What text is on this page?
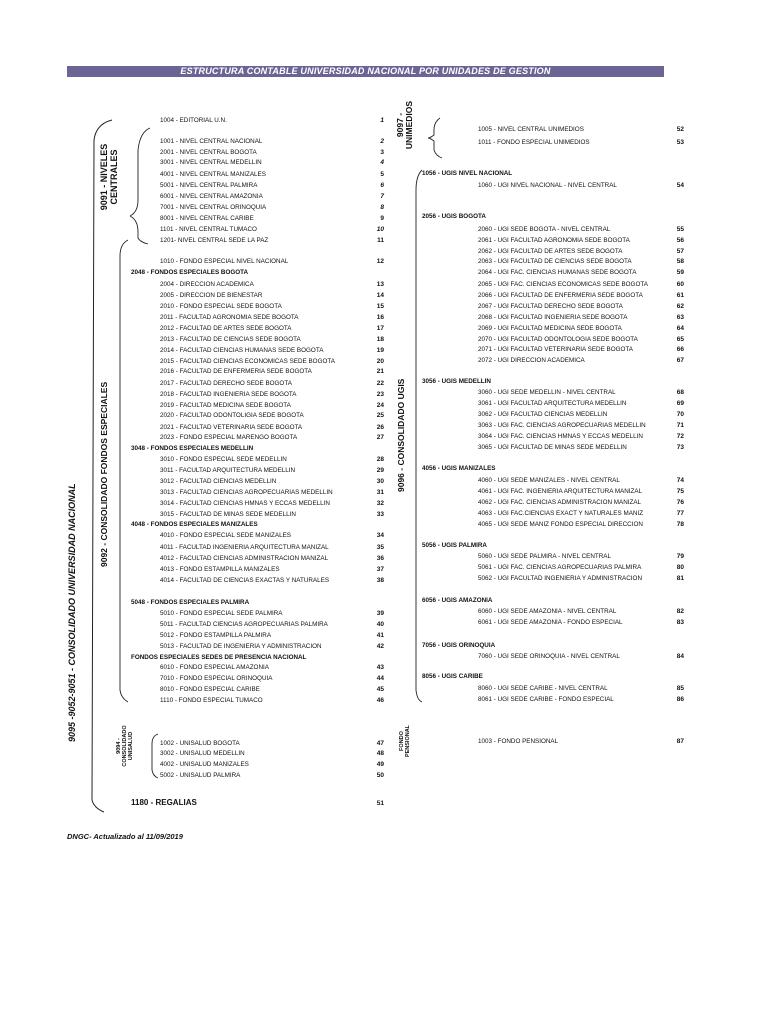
ESTRUCTURA CONTABLE UNIVERSIDAD NACIONAL POR UNIDADES DE GESTION
9095 -9052-9051 - CONSOLIDADO UNIVERSIDAD NACIONAL
9091 - NIVELES CENTRALES
9092 - CONSOLIDADO FONDOS ESPECIALES
9094 - CONSOLIDADO UNISALUD
9097 - UNIMEDIOS
9096 - CONSOLIDADO UGIS
FONDO PENSIONAL
1004 - EDITORIAL U.N.	1
1001 - NIVEL CENTRAL NACIONAL	2
2001 - NIVEL CENTRAL BOGOTA	3
3001 - NIVEL CENTRAL MEDELLIN	4
4001 - NIVEL CENTRAL MANIZALES	5
5001 - NIVEL CENTRAL PALMIRA	6
6001 - NIVEL CENTRAL AMAZONIA	7
7001 - NIVEL CENTRAL ORINOQUIA	8
8001 - NIVEL CENTRAL CARIBE	9
1101 - NIVEL CENTRAL TUMACO	10
1201- NIVEL CENTRAL SEDE LA PAZ	11
1010 - FONDO ESPECIAL NIVEL NACIONAL	12
2048 - FONDOS ESPECIALES BOGOTA
2004 - DIRECCION ACADEMICA	13
2005 - DIRECCION DE BIENESTAR	14
2010 - FONDO ESPECIAL SEDE BOGOTA	15
2011 - FACULTAD AGRONOMIA SEDE BOGOTA	16
2012 - FACULTAD DE ARTES SEDE BOGOTA	17
2013 - FACULTAD DE CIENCIAS SEDE BOGOTA	18
2014 - FACULTAD CIENCIAS HUMANAS SEDE BOGOTA	19
2015 - FACULTAD CIENCIAS ECONOMICAS SEDE BOGOTA	20
2016 - FACULTAD DE ENFERMERIA SEDE BOGOTA	21
2017 - FACULTAD DERECHO SEDE BOGOTA	22
2018 - FACULTAD INGENIERIA SEDE BOGOTA	23
2019 - FACULTAD MEDICINA SEDE BOGOTA	24
2020 - FACULTAD ODONTOLIGIA SEDE BOGOTA	25
2021 - FACULTAD VETERINARIA SEDE BOGOTA	26
2023 - FONDO ESPECIAL MARENGO BOGOTA	27
3048 - FONDOS ESPECIALES MEDELLIN
3010 - FONDO ESPECIAL SEDE MEDELLIN	28
3011 - FACULTAD ARQUITECTURA MEDELLIN	29
3012 - FACULTAD CIENCIAS MEDELLIN	30
3013 - FACULTAD CIENCIAS AGROPECUARIAS MEDELLIN	31
3014 - FACULTAD CIENCIAS HMNAS Y ECCAS MEDELLIN	32
3015 - FACULTAD DE MINAS SEDE MEDELLIN	33
4048 - FONDOS ESPECIALES MANIZALES
4010 - FONDO ESPECIAL SEDE MANIZALES	34
4011 - FACULTAD INGENIERIA ARQUITECTURA MANIZAL	35
4012 - FACULTAD CIENCIAS ADMINISTRACION MANIZAL	36
4013 - FONDO ESTAMPILLA MANIZALES	37
4014 - FACULTAD DE CIENCIAS EXACTAS Y NATURALES	38
5048 - FONDOS ESPECIALES PALMIRA
5010 - FONDO ESPECIAL SEDE PALMIRA	39
5011 - FACULTAD CIENCIAS AGROPECUARIAS PALMIRA	40
5012 - FONDO ESTAMPILLA PALMIRA	41
5013 - FACULTAD DE INGENIERIA Y ADMINISTRACION	42
FONDOS ESPECIALES SEDES DE PRESENCIA NACIONAL
6010 - FONDO ESPECIAL AMAZONIA	43
7010 - FONDO ESPECIAL ORINOQUIA	44
8010 - FONDO ESPECIAL CARIBE	45
1110 - FONDO ESPECIAL TUMACO	46
1002 - UNISALUD BOGOTA	47
3002 - UNISALUD MEDELLIN	48
4002 - UNISALUD MANIZALES	49
5002 - UNISALUD PALMIRA	50
1005 - NIVEL CENTRAL UNIMEDIOS	52
1011 - FONDO ESPECIAL UNIMEDIOS	53
1056 - UGIS NIVEL NACIONAL
1060 - UGI NIVEL NACIONAL - NIVEL CENTRAL	54
2056 - UGIS BOGOTA
2060 - UGI SEDE BOGOTA - NIVEL CENTRAL	55
2061 - UGI FACULTAD AGRONOMIA SEDE BOGOTA	56
2062 - UGI FACULTAD DE ARTES SEDE BOGOTA	57
2063 - UGI FACULTAD DE CIENCIAS SEDE BOGOTA	58
2064 - UGI FAC. CIENCIAS HUMANAS SEDE BOGOTA	59
2065 - UGI FAC. CIENCIAS ECONOMICAS SEDE BOGOTA	60
2066 - UGI FACULTAD DE ENFERMERIA SEDE BOGOTA	61
2067 - UGI FACULTAD DERECHO SEDE BOGOTA	62
2068 - UGI FACULTAD INGENIERIA SEDE BOGOTA	63
2069 - UGI FACULTAD MEDICINA SEDE BOGOTA	64
2070 - UGI FACULTAD ODONTOLOGIA SEDE BOGOTA	65
2071 - UGI FACULTAD VETERINARIA SEDE BOGOTA	66
2072 - UGI DIRECCION ACADEMICA	67
3056 - UGIS MEDELLIN
3060 - UGI SEDE MEDELLIN - NIVEL CENTRAL	68
3061 - UGI FACULTAD ARQUITECTURA MEDELLIN	69
3062 - UGI FACULTAD CIENCIAS MEDELLIN	70
3063 - UGI FAC. CIENCIAS AGROPECUARIAS MEDELLIN	71
3064 - UGI FAC. CIENCIAS HMNAS Y ECCAS MEDELLIN	72
3065 - UGI FACULTAD DE MINAS SEDE MEDELLIN	73
4056 - UGIS MANIZALES
4060 - UGI SEDE MANIZALES - NIVEL CENTRAL	74
4061 - UGI FAC. INGENIERIA ARQUITECTURA MANIZAL	75
4062 - UGI FAC. CIENCIAS ADMINISTRACION MANIZAL	76
4063 - UGI FAC.CIENCIAS EXACT Y NATURALES MANIZ	77
4065 - UGI SEDE MANIZ FONDO ESPECIAL DIRECCION	78
5056 - UGIS PALMIRA
5060 - UGI SEDE PALMIRA - NIVEL CENTRAL	79
5061 - UGI FAC. CIENCIAS AGROPECUARIAS PALMIRA	80
5062 - UGI FACULTAD INGENIERIA Y ADMINISTRACION	81
6056 - UGIS AMAZONIA
6060 - UGI SEDE AMAZONIA - NIVEL CENTRAL	82
6061 - UGI SEDE AMAZONIA - FONDO ESPECIAL	83
7056 - UGIS ORINOQUIA
7060 - UGI SEDE ORINOQUIA - NIVEL CENTRAL	84
8056 - UGIS CARIBE
8060 - UGI SEDE CARIBE - NIVEL CENTRAL	85
8061 - UGI SEDE CARIBE - FONDO ESPECIAL	86
1003 - FONDO PENSIONAL	87
1180 - REGALIAS	51
DNGC- Actualizado al 11/09/2019
